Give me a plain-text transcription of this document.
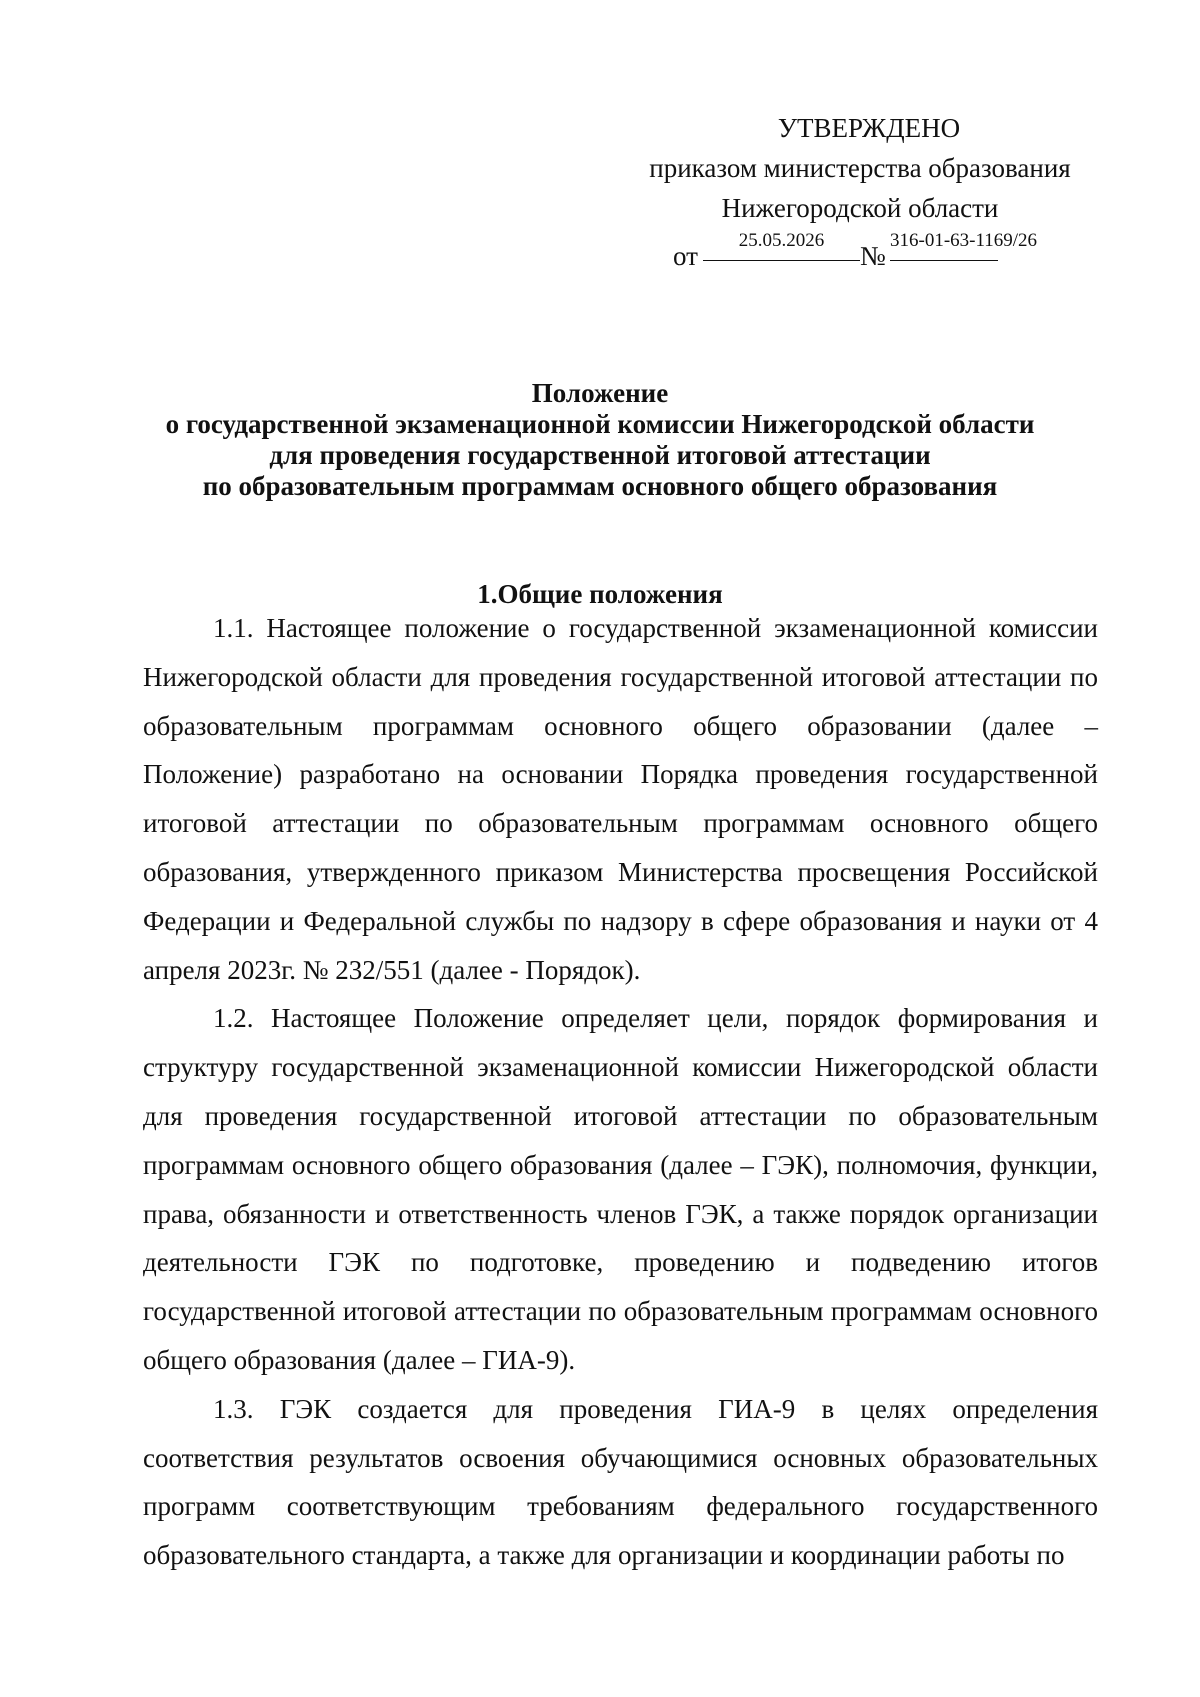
УТВЕРЖДЕНО
приказом министерства образования
Нижегородской области
от
25.05.2026
№
316-01-63-1169/26
Положение
о государственной экзаменационной комиссии Нижегородской области
для проведения государственной итоговой аттестации
по образовательным программам основного общего образования
1.Общие положения

1.1. Настоящее положение о государственной экзаменационной комиссии Нижегородской области для проведения государственной итоговой аттестации по образовательным программам основного общего образовании (далее – Положение) разработано на основании Порядка проведения государственной итоговой аттестации по образовательным программам основного общего образования, утвержденного приказом Министерства просвещения Российской Федерации и Федеральной службы по надзору в сфере образования и науки от 4 апреля 2023г. № 232/551 (далее - Порядок).

1.2. Настоящее Положение определяет цели, порядок формирования и структуру государственной экзаменационной комиссии Нижегородской области для проведения государственной итоговой аттестации по образовательным программам основного общего образования (далее – ГЭК), полномочия, функции, права, обязанности и ответственность членов ГЭК, а также порядок организации деятельности ГЭК по подготовке, проведению и подведению итогов государственной итоговой аттестации по образовательным программам основного общего образования (далее – ГИА-9).

1.3. ГЭК создается для проведения ГИА-9 в целях определения соответствия результатов освоения обучающимися основных образовательных программ соответствующим требованиям федерального государственного образовательного стандарта, а также для организации и координации работы по
